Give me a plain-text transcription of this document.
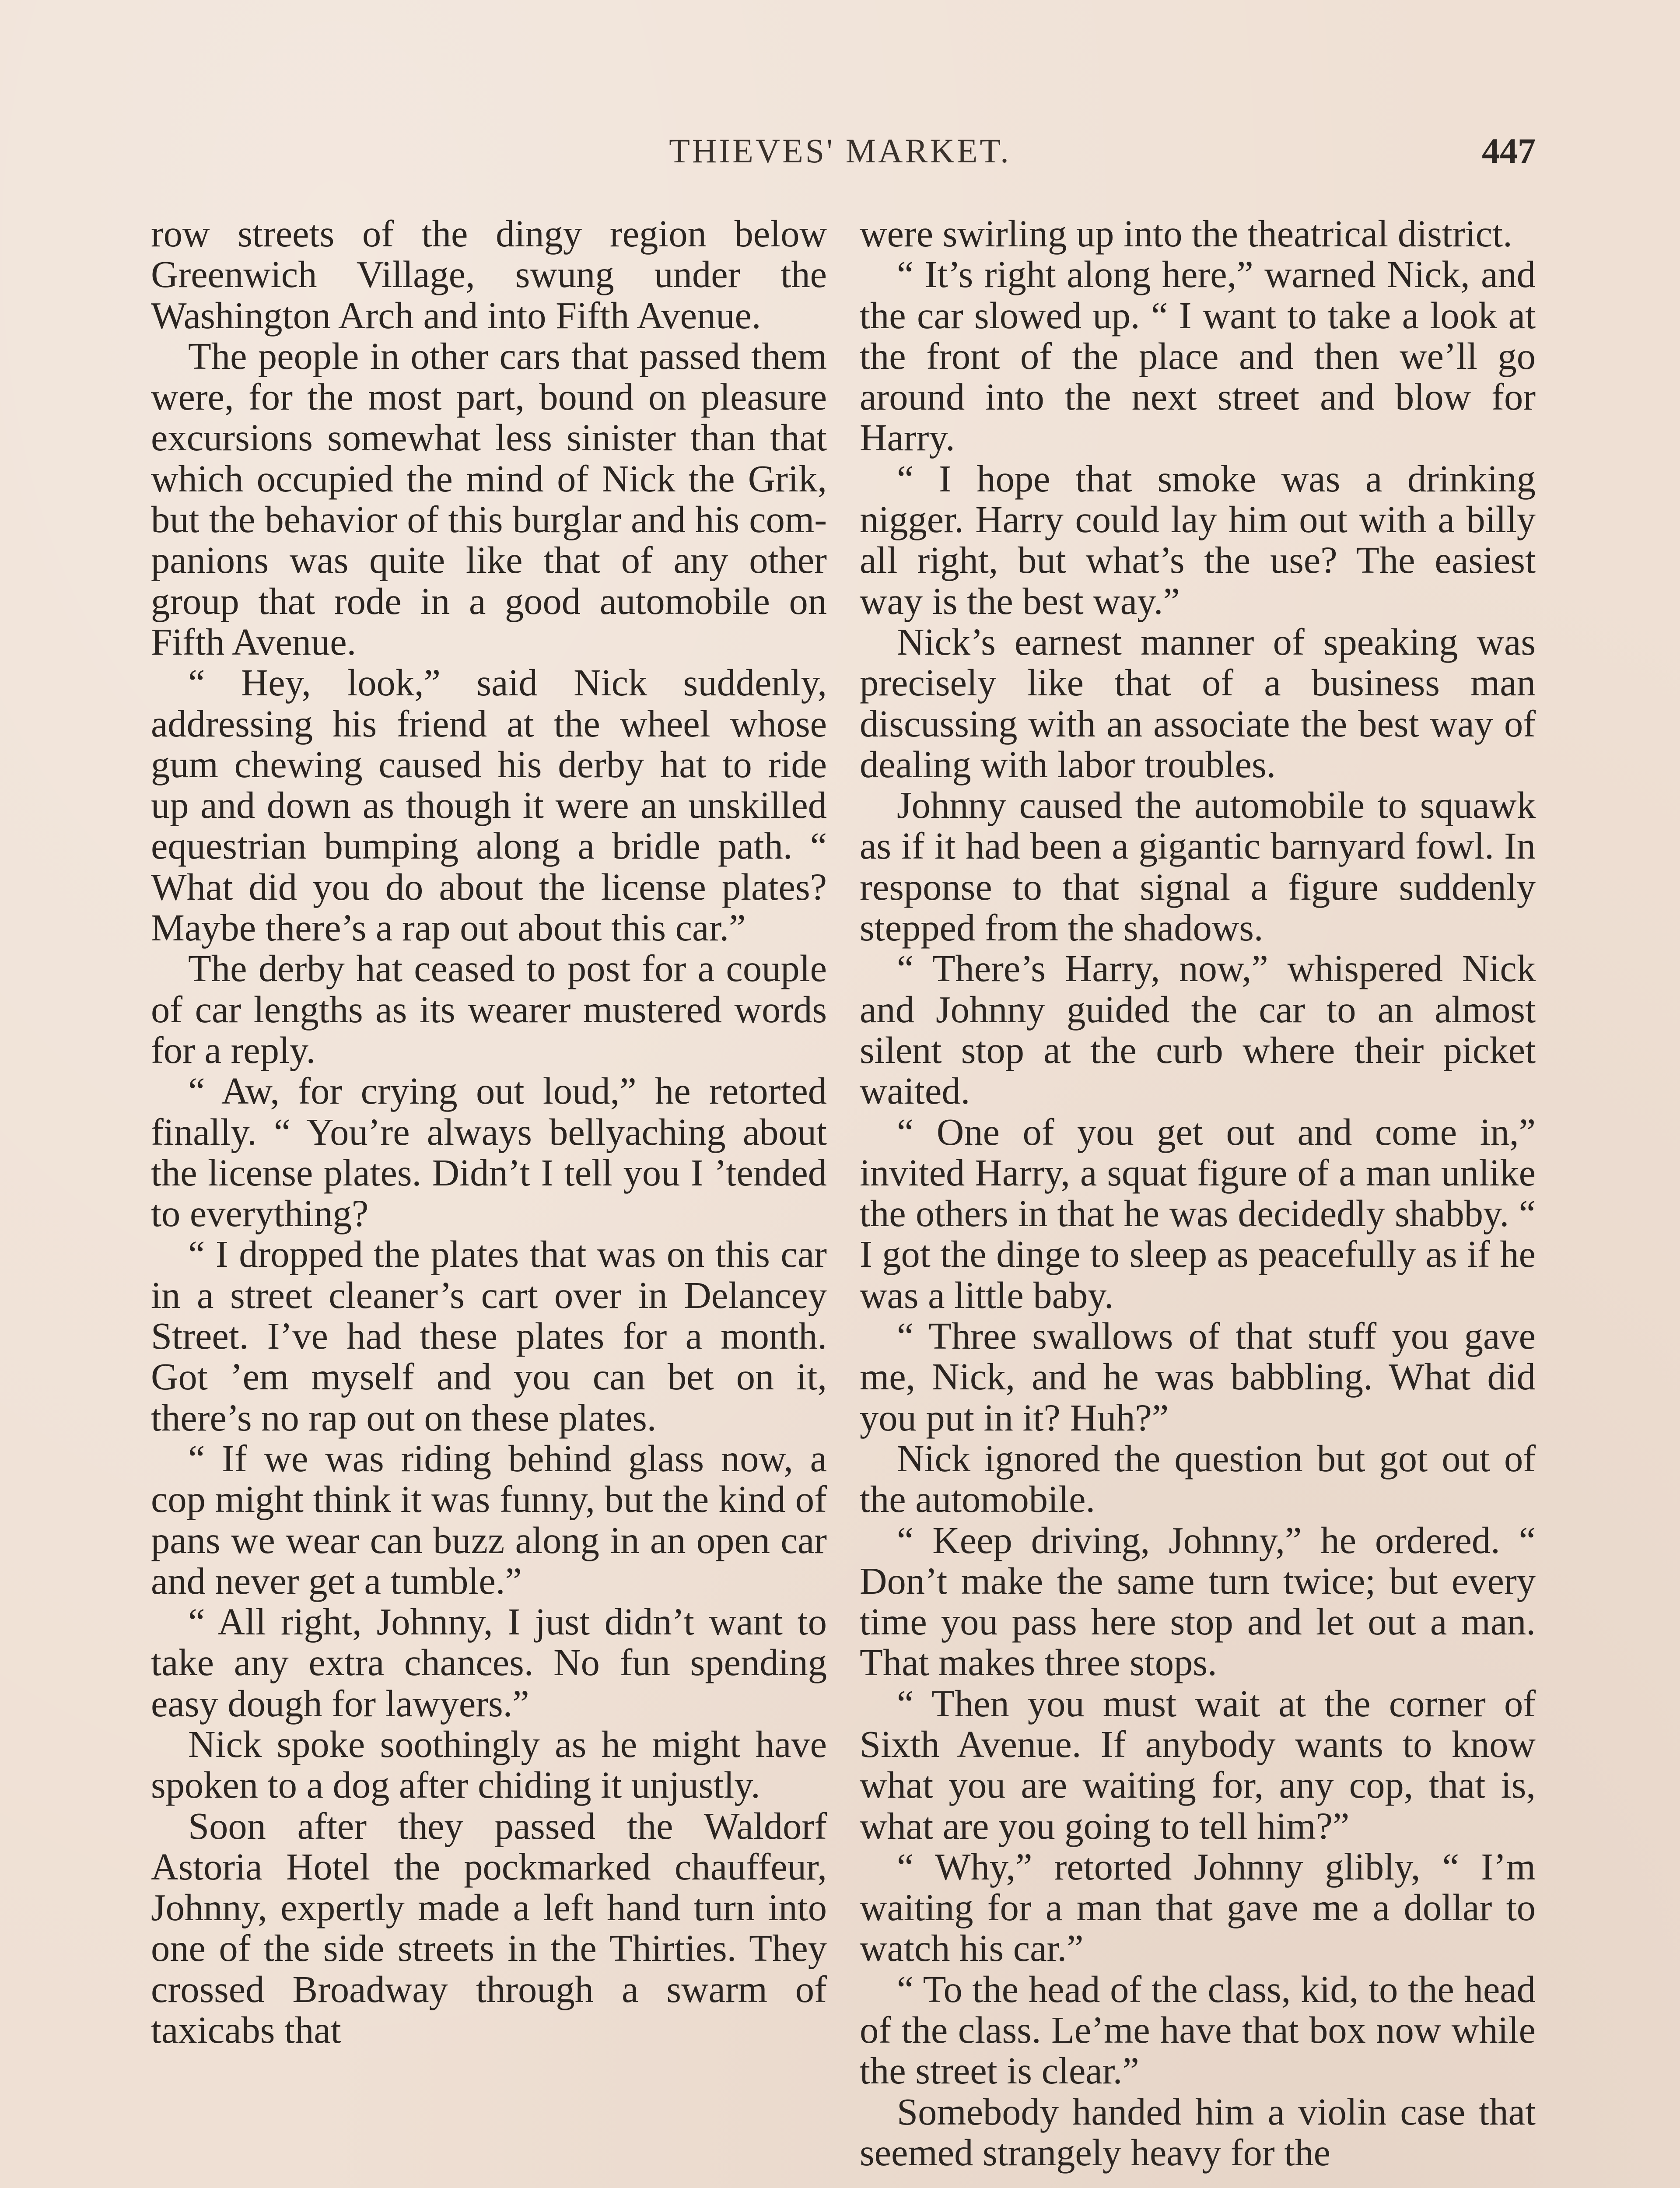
THIEVES' MARKET.	447

row streets of the dingy region below Greenwich Village, swung under the Washington Arch and into Fifth Avenue.

The people in other cars that passed them were, for the most part, bound on pleasure excursions somewhat less sinister than that which occupied the mind of Nick the Grik, but the behavior of this burglar and his companions was quite like that of any other group that rode in a good automobile on Fifth Avenue.

“ Hey, look,” said Nick suddenly, addressing his friend at the wheel whose gum chewing caused his derby hat to ride up and down as though it were an unskilled equestrian bumping along a bridle path. “ What did you do about the license plates? Maybe there’s a rap out about this car.”

The derby hat ceased to post for a couple of car lengths as its wearer mustered words for a reply.

“ Aw, for crying out loud,” he retorted finally. “ You’re always bellyaching about the license plates. Didn’t I tell you I ’tended to everything?

“ I dropped the plates that was on this car in a street cleaner’s cart over in Delancey Street. I’ve had these plates for a month. Got ’em myself and you can bet on it, there’s no rap out on these plates.

“ If we was riding behind glass now, a cop might think it was funny, but the kind of pans we wear can buzz along in an open car and never get a tumble.”

“ All right, Johnny, I just didn’t want to take any extra chances. No fun spending easy dough for lawyers.”

Nick spoke soothingly as he might have spoken to a dog after chiding it unjustly.

Soon after they passed the Waldorf Astoria Hotel the pockmarked chauffeur, Johnny, expertly made a left hand turn into one of the side streets in the Thirties. They crossed Broadway through a swarm of taxicabs that

were swirling up into the theatrical district.

“ It’s right along here,” warned Nick, and the car slowed up. “ I want to take a look at the front of the place and then we’ll go around into the next street and blow for Harry.

“ I hope that smoke was a drinking nigger. Harry could lay him out with a billy all right, but what’s the use? The easiest way is the best way.”

Nick’s earnest manner of speaking was precisely like that of a business man discussing with an associate the best way of dealing with labor troubles.

Johnny caused the automobile to squawk as if it had been a gigantic barnyard fowl. In response to that signal a figure suddenly stepped from the shadows.

“ There’s Harry, now,” whispered Nick and Johnny guided the car to an almost silent stop at the curb where their picket waited.

“ One of you get out and come in,” invited Harry, a squat figure of a man unlike the others in that he was decidedly shabby. “ I got the dinge to sleep as peacefully as if he was a little baby.

“ Three swallows of that stuff you gave me, Nick, and he was babbling. What did you put in it? Huh?”

Nick ignored the question but got out of the automobile.

“ Keep driving, Johnny,” he ordered. “ Don’t make the same turn twice; but every time you pass here stop and let out a man. That makes three stops.

“ Then you must wait at the corner of Sixth Avenue. If anybody wants to know what you are waiting for, any cop, that is, what are you going to tell him?”

“ Why,” retorted Johnny glibly, “ I’m waiting for a man that gave me a dollar to watch his car.”

“ To the head of the class, kid, to the head of the class. Le’me have that box now while the street is clear.”

Somebody handed him a violin case that seemed strangely heavy for the
